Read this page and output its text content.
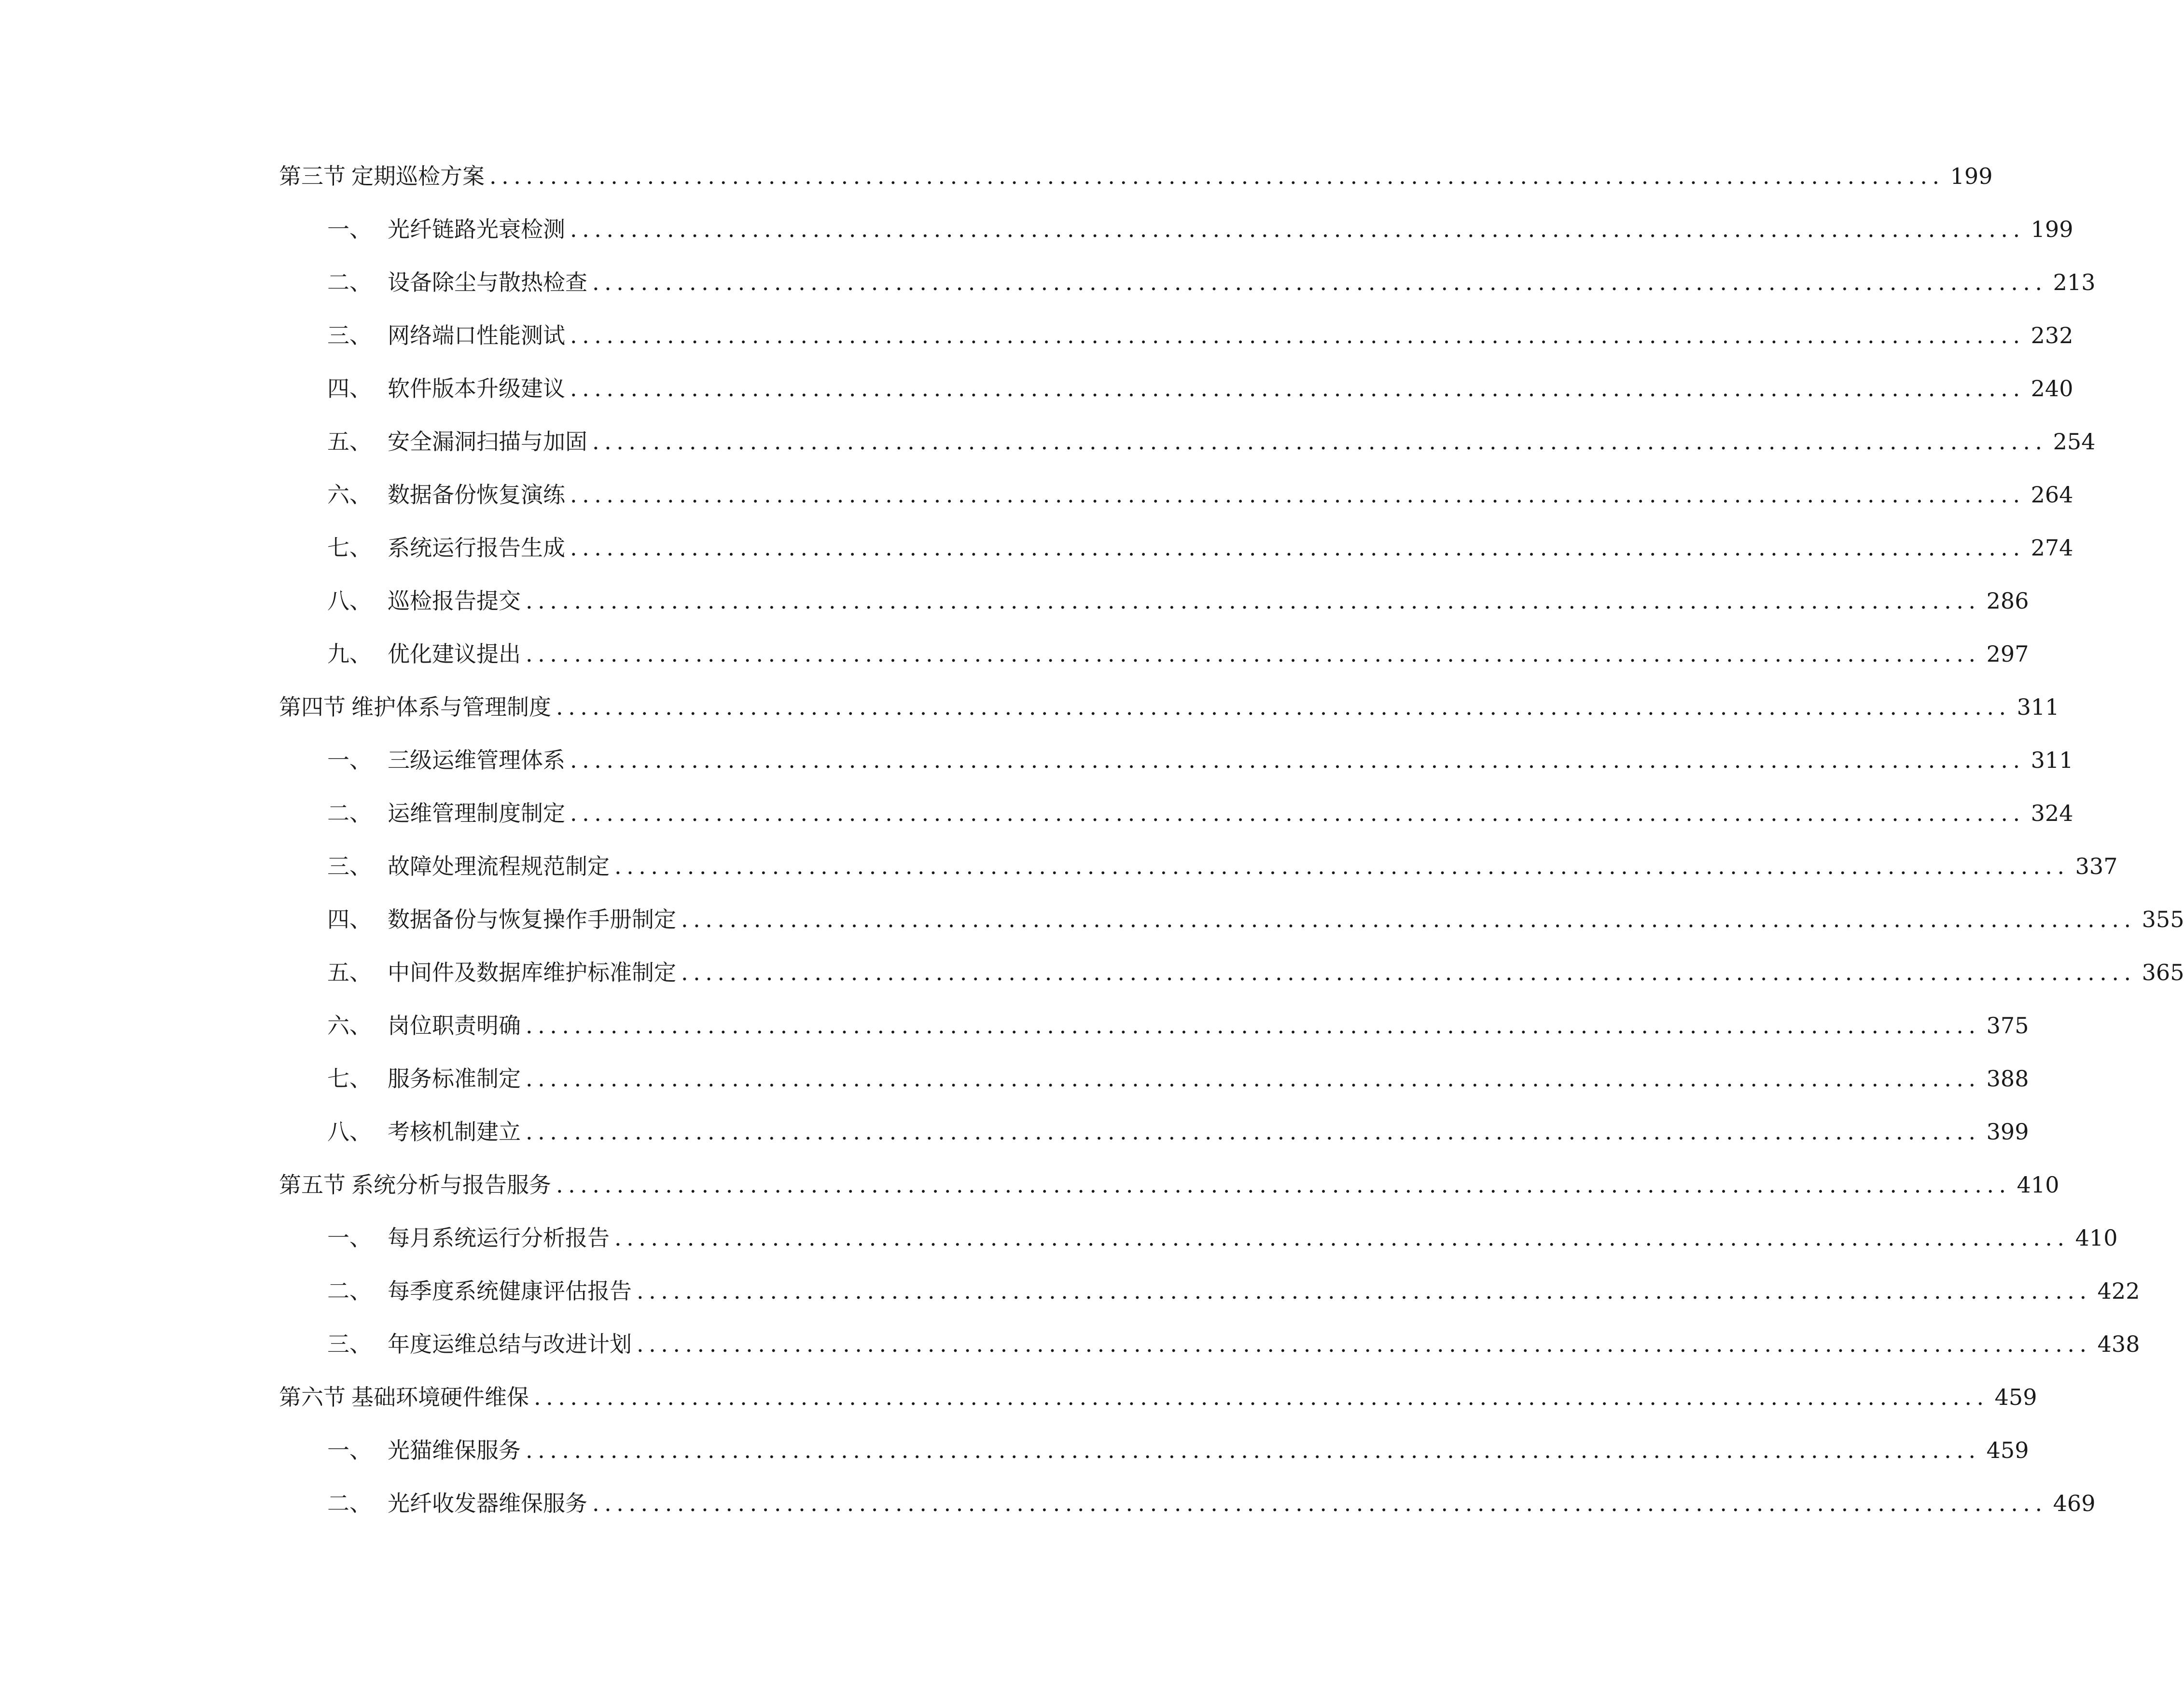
第三节 定期巡检方案 ........................................................................................................................ 199
一、 光纤链路光衰检测 ........................................................................................................................ 199
二、 设备除尘与散热检查 ........................................................................................................................ 213
三、 网络端口性能测试 ........................................................................................................................ 232
四、 软件版本升级建议 ........................................................................................................................ 240
五、 安全漏洞扫描与加固 ........................................................................................................................ 254
六、 数据备份恢复演练 ........................................................................................................................ 264
七、 系统运行报告生成 ........................................................................................................................ 274
八、 巡检报告提交 ........................................................................................................................ 286
九、 优化建议提出 ........................................................................................................................ 297
第四节 维护体系与管理制度 ........................................................................................................................ 311
一、 三级运维管理体系 ........................................................................................................................ 311
二、 运维管理制度制定 ........................................................................................................................ 324
三、 故障处理流程规范制定 ........................................................................................................................ 337
四、 数据备份与恢复操作手册制定 ........................................................................................................................ 355
五、 中间件及数据库维护标准制定 ........................................................................................................................ 365
六、 岗位职责明确 ........................................................................................................................ 375
七、 服务标准制定 ........................................................................................................................ 388
八、 考核机制建立 ........................................................................................................................ 399
第五节 系统分析与报告服务 ........................................................................................................................ 410
一、 每月系统运行分析报告 ........................................................................................................................ 410
二、 每季度系统健康评估报告 ........................................................................................................................ 422
三、 年度运维总结与改进计划 ........................................................................................................................ 438
第六节 基础环境硬件维保 ........................................................................................................................ 459
一、 光猫维保服务 ........................................................................................................................ 459
二、 光纤收发器维保服务 ........................................................................................................................ 469
